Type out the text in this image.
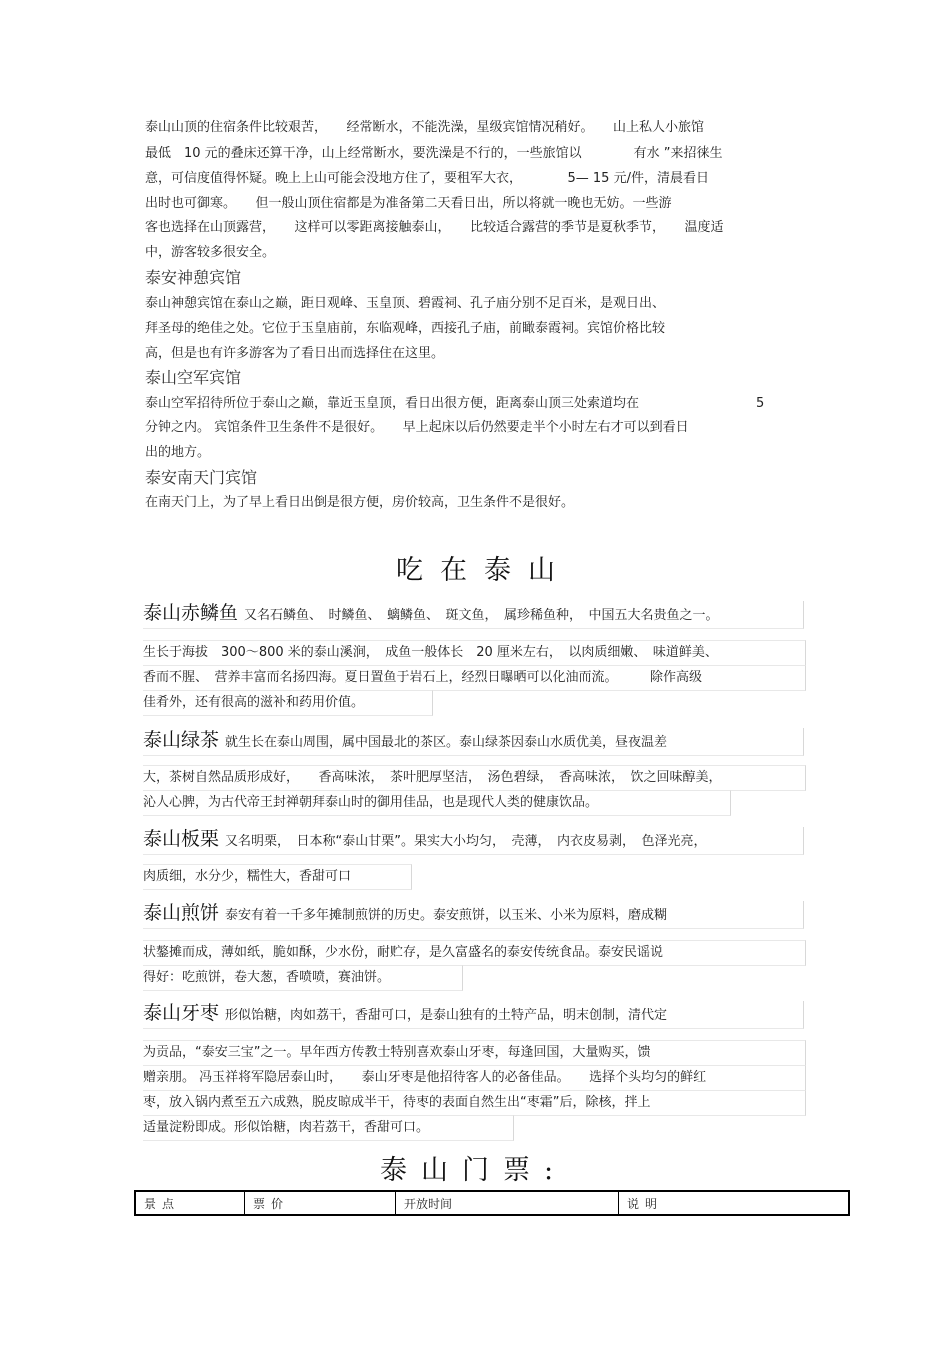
泰山山顶的住宿条件比较艰苦，　　经常断水，不能洗澡，星级宾馆情况稍好。　　山上私人小旅馆
最低　10 元的叠床还算干净，山上经常断水，要洗澡是不行的，一些旅馆以　　　　有水 ”来招徕生
意，可信度值得怀疑。晚上上山可能会没地方住了，要租军大衣，　　　　5— 15 元/件，清晨看日
出时也可御寒。　　但一般山顶住宿都是为准备第二天看日出，所以将就一晚也无妨。一些游
客也选择在山顶露营，　　这样可以零距离接触泰山，　　比较适合露营的季节是夏秋季节，　　温度适
中，游客较多很安全。
泰安神憩宾馆
泰山神憩宾馆在泰山之巅，距日观峰、玉皇顶、碧霞祠、孔子庙分别不足百米，是观日出、
拜圣母的绝佳之处。它位于玉皇庙前，东临观峰，西接孔子庙，前瞰泰霞祠。宾馆价格比较
高，但是也有许多游客为了看日出而选择住在这里。
泰山空军宾馆
泰山空军招待所位于泰山之巅，靠近玉皇顶，看日出很方便，距离泰山顶三处索道均在　　　　　　　　　5
分钟之内。 宾馆条件卫生条件不是很好。　　早上起床以后仍然要走半个小时左右才可以到看日
出的地方。
泰安南天门宾馆
在南天门上，为了早上看日出倒是很方便，房价较高，卫生条件不是很好。
吃在泰山
泰山赤鳞鱼 又名石鳞鱼、　时鳞鱼、　螭鳞鱼、　斑文鱼，　属珍稀鱼种，　中国五大名贵鱼之一。
生长于海拔　300～800 米的泰山溪涧，　成鱼一般体长　20 厘米左右，　以肉质细嫩、　味道鲜美、
香而不腥、　营养丰富而名扬四海。夏日置鱼于岩石上，经烈日曝晒可以化油而流。　　　除作高级
佳肴外，还有很高的滋补和药用价值。
泰山绿茶 就生长在泰山周围，属中国最北的茶区。泰山绿茶因泰山水质优美，昼夜温差
大，茶树自然品质形成好，　　香高味浓，　茶叶肥厚坚洁，　汤色碧绿，　香高味浓，　饮之回味醇美，
沁人心脾，为古代帝王封禅朝拜泰山时的御用佳品，也是现代人类的健康饮品。
泰山板栗 又名明栗，　日本称“泰山甘栗”。果实大小均匀，　壳薄，　内衣皮易剥，　色泽光亮，
肉质细，水分少，糯性大，香甜可口
泰山煎饼 泰安有着一千多年摊制煎饼的历史。泰安煎饼，以玉米、小米为原料，磨成糊
状鏊摊而成，薄如纸，脆如酥，少水份，耐贮存，是久富盛名的泰安传统食品。泰安民谣说
得好：吃煎饼，卷大葱，香喷喷，赛油饼。
泰山牙枣 形似饴糖，肉如荔干，香甜可口，是泰山独有的土特产品，明末创制，清代定
为贡品，“泰安三宝”之一。早年西方传教士特别喜欢泰山牙枣，每逢回国，大量购买，馈
赠亲朋。 冯玉祥将军隐居泰山时，　　泰山牙枣是他招待客人的必备佳品。　　选择个头均匀的鲜红
枣，放入锅内煮至五六成熟，脱皮晾成半干，待枣的表面自然生出“枣霜”后，除核，拌上
适量淀粉即成。形似饴糖，肉若荔干，香甜可口。
泰山门票:
景点	票价	开放时间	说明
